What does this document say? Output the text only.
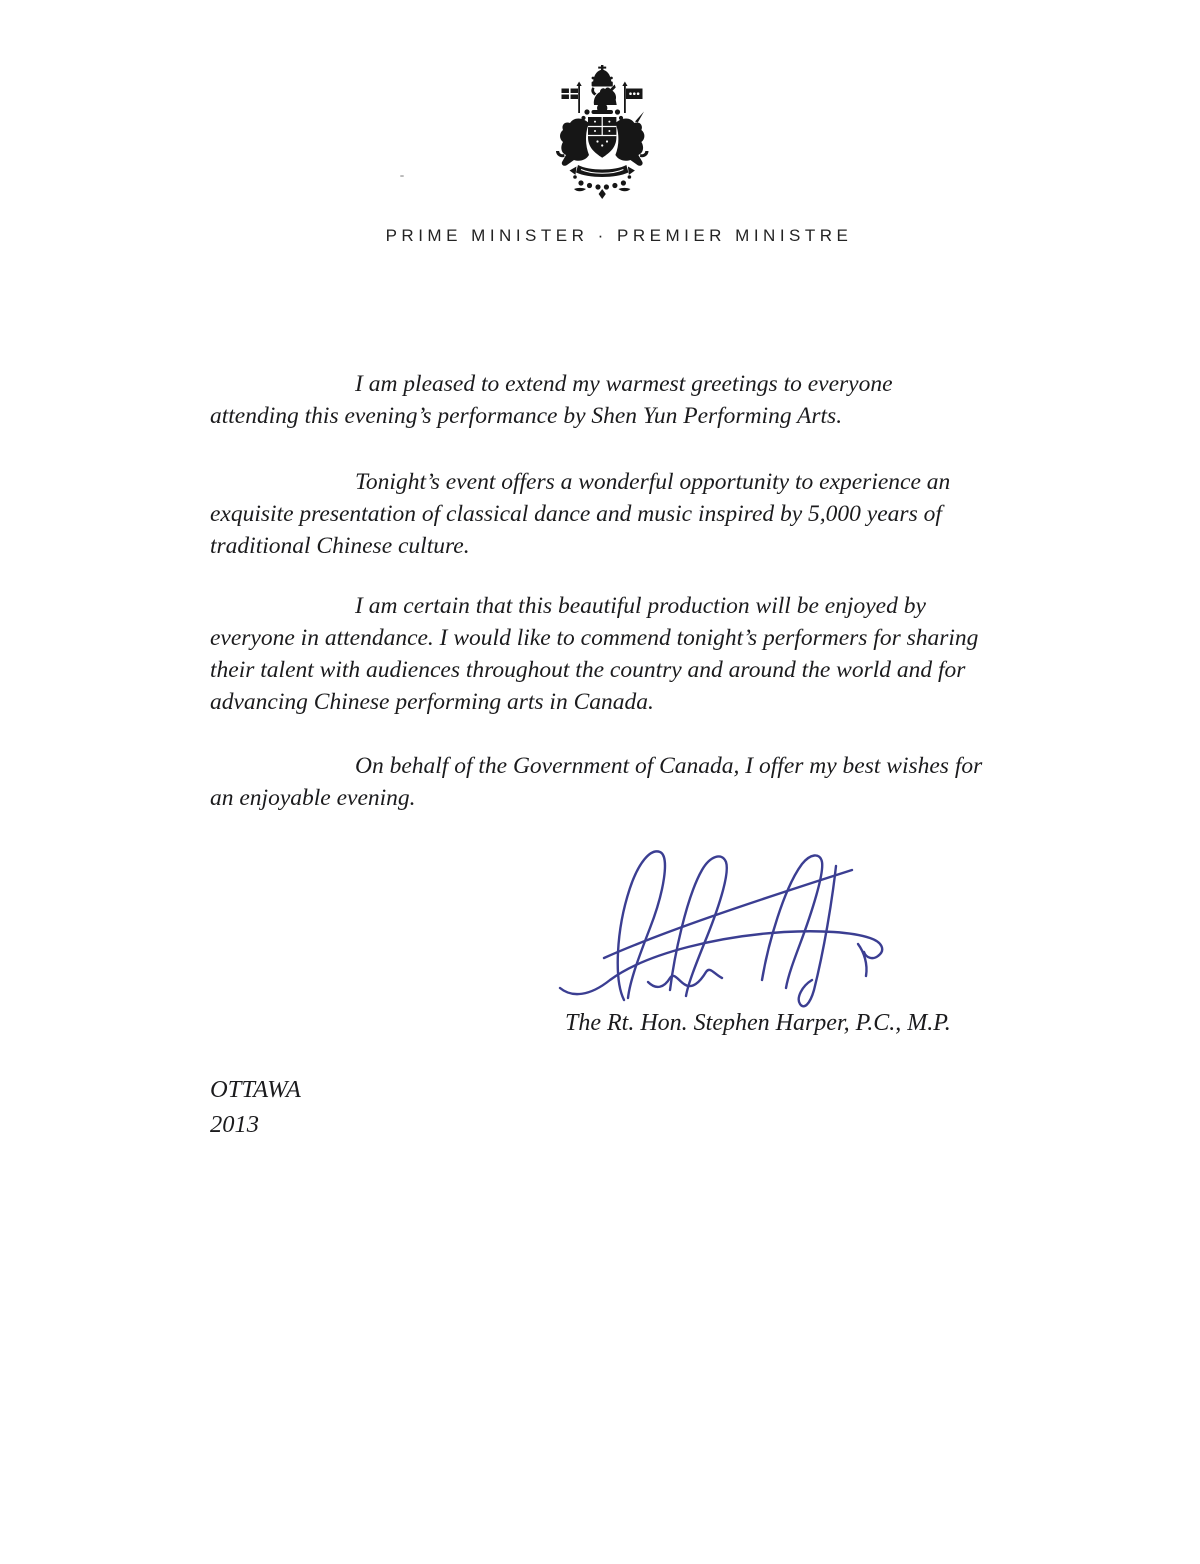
PRIME MINISTER · PREMIER MINISTRE
I am pleased to extend my warmest greetings to everyone
attending this evening’s performance by Shen Yun Performing Arts.
Tonight’s event offers a wonderful opportunity to experience an
exquisite presentation of classical dance and music inspired by 5,000 years of
traditional Chinese culture.
I am certain that this beautiful production will be enjoyed by
everyone in attendance. I would like to commend tonight’s performers for sharing
their talent with audiences throughout the country and around the world and for
advancing Chinese performing arts in Canada.
On behalf of the Government of Canada, I offer my best wishes for
an enjoyable evening.
The Rt. Hon. Stephen Harper, P.C., M.P.
OTTAWA
2013
